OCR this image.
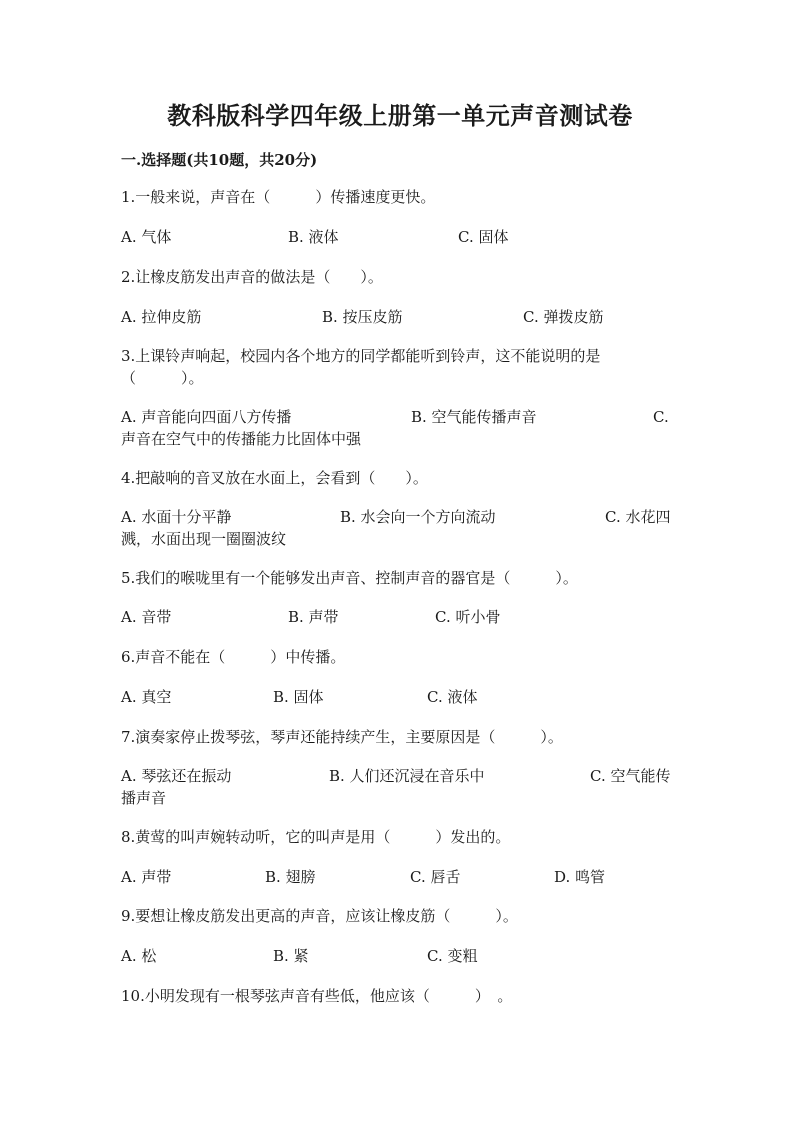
教科版科学四年级上册第一单元声音测试卷
一.选择题(共10题，共20分)
1.一般来说，声音在（　　　）传播速度更快。
A. 气体	B. 液体	C. 固体
2.让橡皮筋发出声音的做法是（　　）。
A. 拉伸皮筋	B. 按压皮筋	C. 弹拨皮筋
3.上课铃声响起，校园内各个地方的同学都能听到铃声，这不能说明的是
（　　　）。
A. 声音能向四面八方传播	B. 空气能传播声音	C.
声音在空气中的传播能力比固体中强
4.把敲响的音叉放在水面上，会看到（　　）。
A. 水面十分平静	B. 水会向一个方向流动	C. 水花四
溅，水面出现一圈圈波纹
5.我们的喉咙里有一个能够发出声音、控制声音的器官是（　　　）。
A. 音带	B. 声带	C. 听小骨
6.声音不能在（　　　）中传播。
A. 真空	B. 固体	C. 液体
7.演奏家停止拨琴弦，琴声还能持续产生，主要原因是（　　　）。
A. 琴弦还在振动	B. 人们还沉浸在音乐中	C. 空气能传
播声音
8.黄莺的叫声婉转动听，它的叫声是用（　　　）发出的。
A. 声带	B. 翅膀	C. 唇舌	D. 鸣管
9.要想让橡皮筋发出更高的声音，应该让橡皮筋（　　　）。
A. 松	B. 紧	C. 变粗
10.小明发现有一根琴弦声音有些低，他应该（　　　）　。
